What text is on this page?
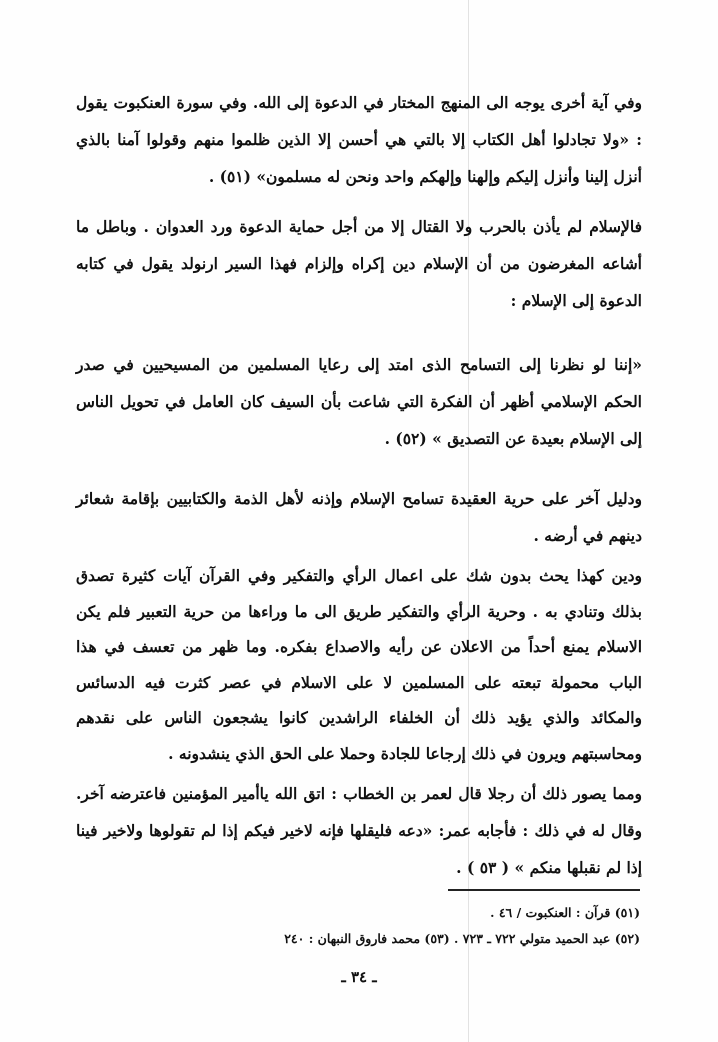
وفي آية أخرى يوجه الى المنهج المختار في الدعوة إلى الله. وفي سورة العنكبوت يقول : «ولا تجادلوا أهل الكتاب إلا بالتي هي أحسن إلا الذين ظلموا منهم وقولوا آمنا بالذي أنزل إلينا وأنزل إليكم وإلهنا وإلهكم واحد ونحن له مسلمون» (٥١) .

فالإسلام لم يأذن بالحرب ولا القتال إلا من أجل حماية الدعوة ورد العدوان . وباطل ما أشاعه المغرضون من أن الإسلام دين إكراه وإلزام فهذا السير ارنولد يقول في كتابه الدعوة إلى الإسلام :

«إننا لو نظرنا إلى التسامح الذى امتد إلى رعايا المسلمين من المسيحيين في صدر الحكم الإسلامي أظهر أن الفكرة التي شاعت بأن السيف كان العامل في تحويل الناس إلى الإسلام بعيدة عن التصديق » (٥٢) .

ودليل آخر على حرية العقيدة تسامح الإسلام وإذنه لأهل الذمة والكتابيين بإقامة شعائر دينهم في أرضه .

ودين كهذا يحث بدون شك على اعمال الرأي والتفكير وفي القرآن آيات كثيرة تصدق بذلك وتنادي به . وحرية الرأي والتفكير طريق الى ما وراءها من حرية التعبير فلم يكن الاسلام يمنع أحداً من الاعلان عن رأيه والاصداع بفكره. وما ظهر من تعسف في هذا الباب محمولة تبعته على المسلمين لا على الاسلام في عصر كثرت فيه الدسائس والمكائد والذي يؤيد ذلك أن الخلفاء الراشدين كانوا يشجعون الناس على نقدهم ومحاسبتهم ويرون في ذلك إرجاعا للجادة وحملا على الحق الذي ينشدونه .

ومما يصور ذلك أن رجلا قال لعمر بن الخطاب : اتق الله ياأمير المؤمنين فاعترضه آخر. وقال له في ذلك : فأجابه عمر: «دعه فليقلها فإنه لاخير فيكم إذا لم تقولوها ولاخير فينا إذا لم نقبلها منكم » ( ٥٣ ) .

(٥١) قرآن : العنكبوت / ٤٦ .
(٥٢) عبد الحميد متولي ٧٢٢ ـ ٧٢٣ . (٥٣) محمد فاروق النبهان : ٢٤٠
ـ ٣٤ ـ
